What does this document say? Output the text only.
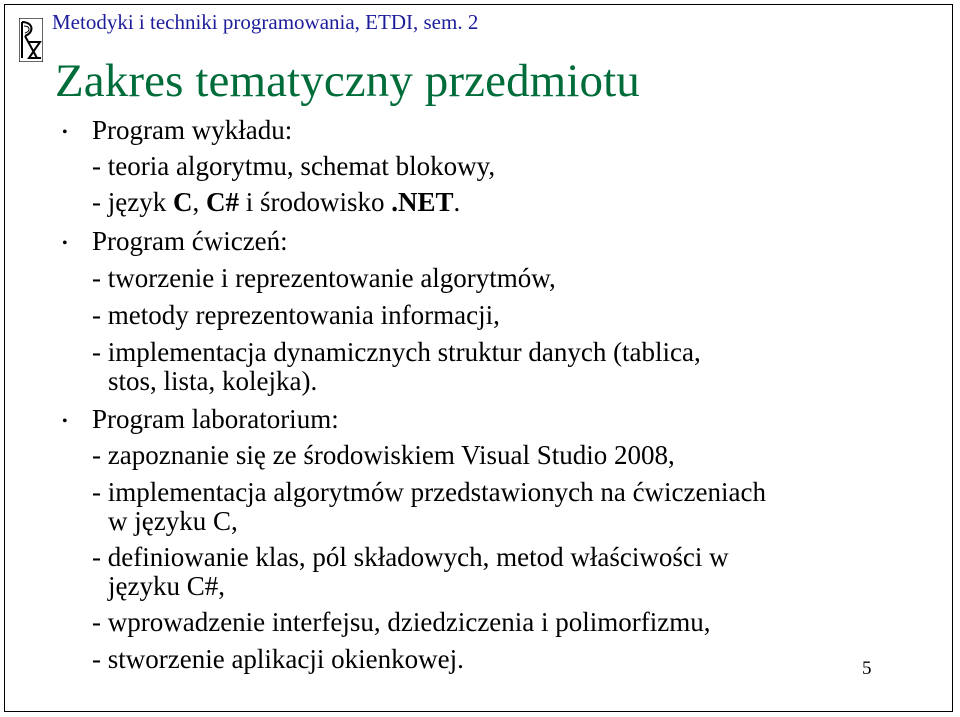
Metodyki i techniki programowania, ETDI, sem. 2
Zakres tematyczny przedmiotu
• Program wykładu:
- teoria algorytmu, schemat blokowy,
- język C, C# i środowisko .NET.
• Program ćwiczeń:
- tworzenie i reprezentowanie algorytmów,
- metody reprezentowania informacji,
- implementacja dynamicznych struktur danych (tablica,
stos, lista, kolejka).
• Program laboratorium:
- zapoznanie się ze środowiskiem Visual Studio 2008,
- implementacja algorytmów przedstawionych na ćwiczeniach
w języku C,
- definiowanie klas, pól składowych, metod właściwości w
języku C#,
- wprowadzenie interfejsu, dziedziczenia i polimorfizmu,
- stworzenie aplikacji okienkowej.	5
